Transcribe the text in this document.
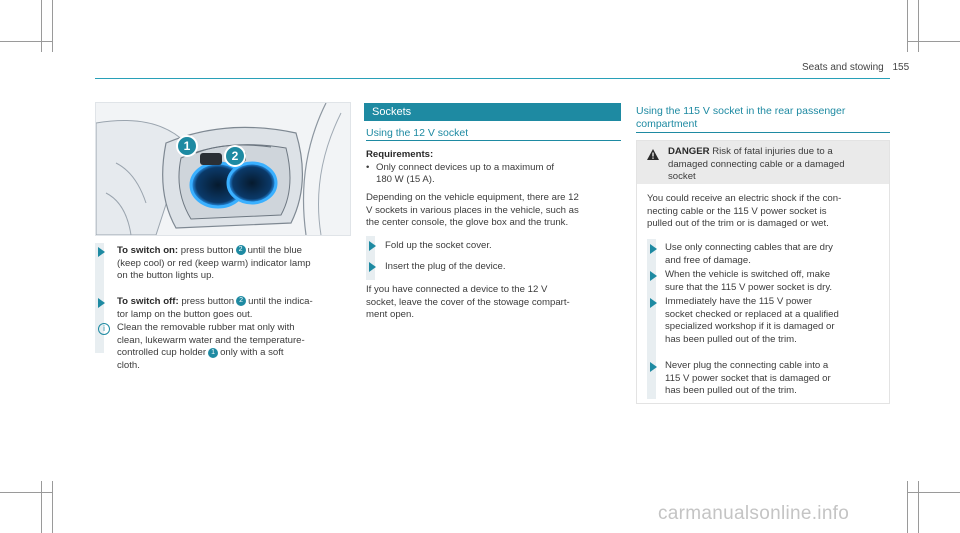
Seats and stowing 155
1
2
To switch on: press button 2 until the blue
(keep cool) or red (keep warm) indicator lamp
on the button lights up.
To switch off: press button 2 until the indica-
tor lamp on the button goes out.
i	Clean the removable rubber mat only with
clean, lukewarm water and the temperature-
controlled cup holder 1 only with a soft
cloth.
Sockets
Using the 12 V socket
Requirements:
• Only connect devices up to a maximum of
180 W (15 A).
Depending on the vehicle equipment, there are 12
V sockets in various places in the vehicle, such as
the center console, the glove box and the trunk.
Fold up the socket cover.
Insert the plug of the device.
If you have connected a device to the 12 V
socket, leave the cover of the stowage compart-
ment open.
Using the 115 V socket in the rear passenger
compartment
DANGER Risk of fatal injuries due to a
damaged connecting cable or a damaged
socket
You could receive an electric shock if the con-
necting cable or the 115 V power socket is
pulled out of the trim or is damaged or wet.
Use only connecting cables that are dry
and free of damage.
When the vehicle is switched off, make
sure that the 115 V power socket is dry.
Immediately have the 115 V power
socket checked or replaced at a qualified
specialized workshop if it is damaged or
has been pulled out of the trim.
Never plug the connecting cable into a
115 V power socket that is damaged or
has been pulled out of the trim.
carmanualsonline.info
